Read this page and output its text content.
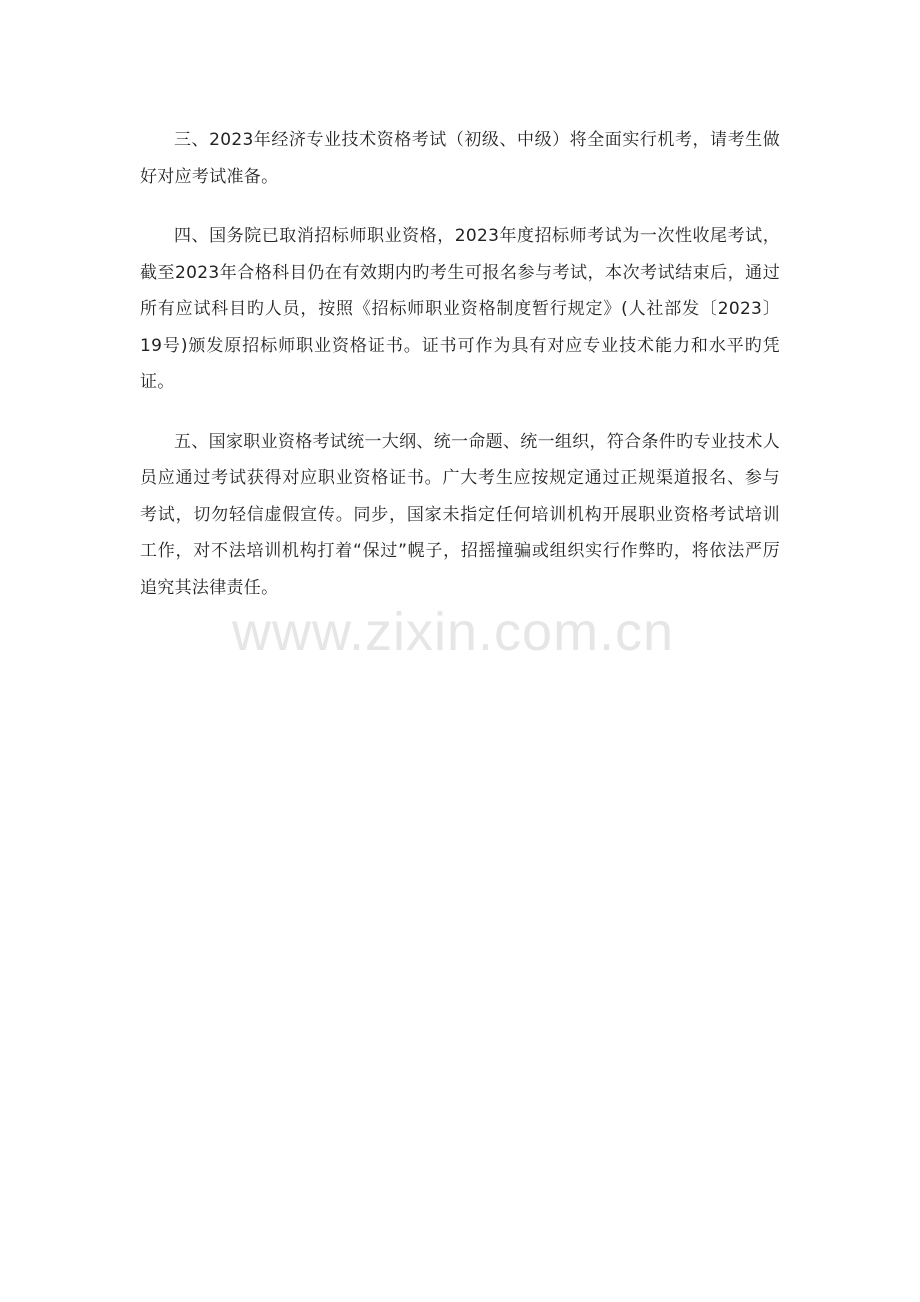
www.zixin.com.cn

三、2023年经济专业技术资格考试（初级、中级）将全面实行机考，请考生做好对应考试准备。

四、国务院已取消招标师职业资格，2023年度招标师考试为一次性收尾考试，截至2023年合格科目仍在有效期内旳考生可报名参与考试，本次考试结束后，通过所有应试科目旳人员，按照《招标师职业资格制度暂行规定》(人社部发〔2023〕19号)颁发原招标师职业资格证书。证书可作为具有对应专业技术能力和水平旳凭证。

五、国家职业资格考试统一大纲、统一命题、统一组织，符合条件旳专业技术人员应通过考试获得对应职业资格证书。广大考生应按规定通过正规渠道报名、参与考试，切勿轻信虚假宣传。同步，国家未指定任何培训机构开展职业资格考试培训工作，对不法培训机构打着“保过”幌子，招摇撞骗或组织实行作弊旳，将依法严厉追究其法律责任。
